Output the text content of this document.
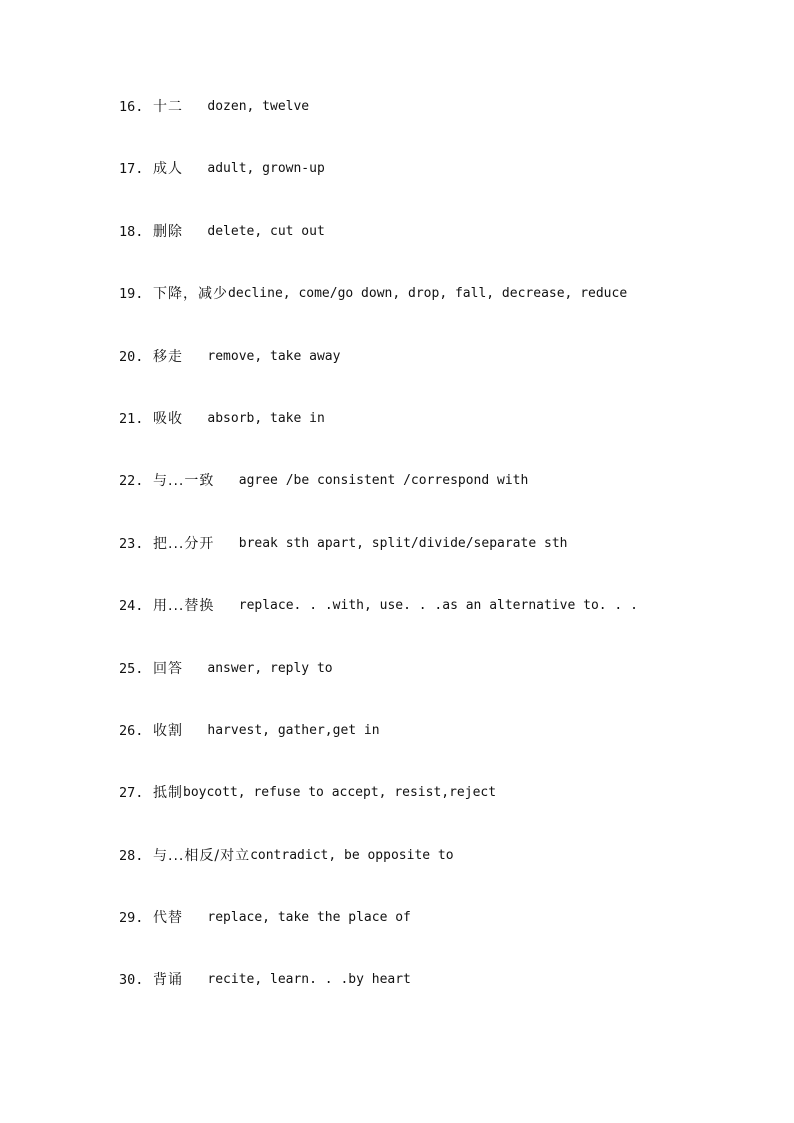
16. 十二
dozen, twelve
17. 成人
adult, grown-up
18. 删除
delete, cut out
19. 下降，减少 decline, come/go down, drop, fall, decrease, reduce
20. 移走
remove, take away
21. 吸收
absorb, take in
22. 与...一致
agree /be consistent /correspond with
23. 把...分开
break sth apart, split/divide/separate sth
24. 用...替换
replace. . .with, use. . .as an alternative to. . .
25. 回答
answer, reply to
26. 收割
harvest, gather,get in
27. 抵制 boycott, refuse to accept, resist,reject
28. 与...相反/对立 contradict, be opposite to
29. 代替
replace, take the place of
30. 背诵
recite, learn. . .by heart
